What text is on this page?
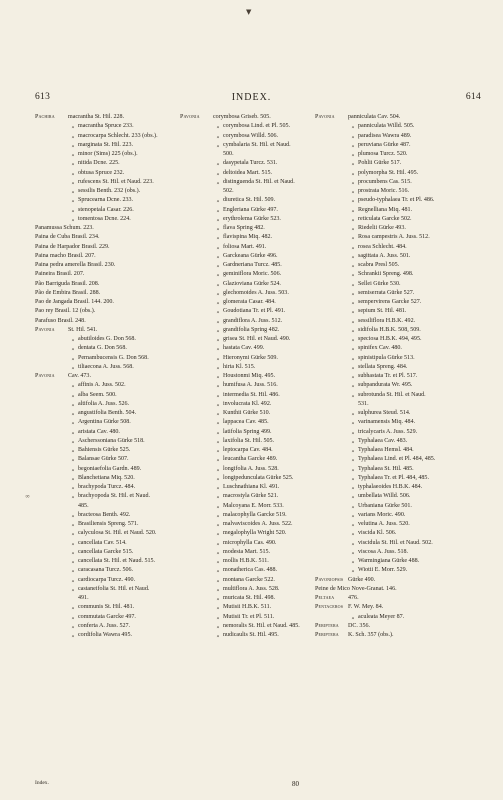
▼
613	INDEX.	614
Pachira macrantha St. Hil. 228.
„ macrantha Spruce 233.
„ macrocarpa Schlecht. 233 (obs.).
„ marginata St. Hil. 223.
„ minor (Sims) 225 (obs.).
„ nitida Dcne. 225.
„ obtusa Spruce 232.
„ rufescens St. Hil. et Naud. 223.
„ sessilis Benth. 232 (obs.).
„ Sprucearna Dcne. 233.
„ stenopetala Casar. 226.
„ tomentosa Dcne. 224.
Panamussa Schum. 223.
Paina de Cuba Brasil. 234.
Paina de Harpador Brasil. 229.
Paina macho Brasil. 207.
Paina pedra amerella Brasil. 230.
Paineira Brasil. 207.
Pão Barriguda Brasil. 208.
Pão de Embira Brasil. 288.
Pao de Jangada Brasil. 144. 200.
Pao rey Brasil. 12 (obs.).
Parafuso Brasil. 248.
Pavonia St. Hil. 541.
„ abutiloides G. Don 568.
„ dentata G. Don 568.
„ Pernambucensis G. Don 568.
„ tiliaecona A. Juss. 568.
Pavonia Cav. 473.
„ affinis A. Juss. 502.
„ alba Seem. 500.
„ altifolia A. Juss. 526.
„ angustifolia Benth. 504.
„ Argentina Gürke 508.
„ aristata Cav. 480.
„ Ascherssoniana Gürke 518.
„ Bahiensis Gürke 525.
„ Balansae Gürke 507.
„ begoniaefolia Gardn. 489.
„ Blanchetiana Miq. 520.
„ brachypoda Turcz. 484.
„ brachyopoda St. Hil. et Naud.
485.
„ bracteosa Benth. 492.
„ Brasiliensis Spreng. 571.
„ calyculosa St. Hil. et Naud. 520.
„ cancellata Cav. 514.
„ cancellata Garcke 515.
„ cancellata St. Hil. et Naud. 515.
„ caracasana Turcz. 506.
„ cardiocarpa Turcz. 490.
„ castaneifolia St. Hil. et Naud.
491.
„ communis St. Hil. 481.
„ commutata Garcke 497.
„ conferta A. Juss. 527.
„ cordifolia Wawra 495.
Pavonia corymbosa Griseb. 505.
„ corymbosa Lind. et Pl. 505.
„ corymbosa Willd. 506.
„ cymbalaria St. Hil. et Naud.
500.
„ dasypetala Turcz. 531.
„ deltoidea Mart. 515.
„ distinguenda St. Hil. et Naud.
502.
„ diuretica St. Hil. 509.
„ Engleriana Gürke 497.
„ erythrolema Gürke 523.
„ flava Spring 482.
„ flavispina Miq. 482.
„ foliosa Mart. 491.
„ Garckeana Gürke 496.
„ Gardneriana Turcz. 485.
„ geminiflora Moric. 506.
„ Glazioviana Gürke 524.
„ glechomoides A. Juss. 503.
„ glomerata Casar. 484.
„ Goudotiana Tr. et Pl. 491.
„ grandiflora A. Juss. 512.
„ grandifolia Spring 482.
„ grisea St. Hil. et Naud. 490.
„ hastata Cav. 499.
„ Hieronymi Gürke 509.
„ hirta Kl. 515.
„ Houstonmi Miq. 495.
„ humifusa A. Juss. 516.
„ intermedia St. Hil. 486.
„ involucrata Kl. 492.
„ Kunthii Gürke 510.
„ lappacea Cav. 485.
„ latifolia Spring 499.
„ laxifolia St. Hil. 505.
„ leptocarpa Cav. 484.
„ leucantha Garcke 489.
„ longifolia A. Juss. 528.
„ longipedunculata Gürke 525.
„ Luschnathiana Kl. 491.
„ macrostyla Gürke 521.
„ Malcoyana E. Morr. 533.
„ malacophylla Garcke 519.
„ malvaviscoides A. Juss. 522.
„ megalophylla Wright 520.
„ microphylla Cas. 490.
„ modesta Mart. 515.
„ mollis H.B.K. 511.
„ monatherica Cas. 488.
„ montana Garcke 522.
„ multiflora A. Juss. 528.
„ muricata St. Hil. 498.
„ Mutisii H.B.K. 511.
„ Mutisii Tr. et Pl. 511.
„ nemoralis St. Hil. et Naud. 485.
„ nudicaulis St. Hil. 495.
Pavonia panniculata Cav. 504.
„ panniculata Willd. 505.
„ paradisea Wawra 489.
„ peruviana Gürke 487.
„ plumosa Turcz. 520.
„ Pohlii Gürke 517.
„ polymorpha St. Hil. 495.
„ procumbens Cas. 515.
„ prostrata Moric. 516.
„ pseudo-typhalaea Tr. et Pl. 486.
„ Regnelliana Miq. 481.
„ reticulata Garcke 502.
„ Riedelii Gürke 493.
„ Rosa campestris A. Juss. 512.
„ rosea Schlecht. 484.
„ sagittata A. Juss. 501.
„ scabra Presl 505.
„ Schrankii Spreng. 498.
„ Sellei Gürke 530.
„ semiserrata Gürke 527.
„ sempervirens Garcke 527.
„ sepium St. Hil. 481.
„ sessiliflora H.B.K. 492.
„ sidifolia H.B.K. 508, 509.
„ speciosa H.B.K. 494, 495.
„ spinifex Cav. 480.
„ spinistipula Gürke 513.
„ stellata Spreng. 484.
„ subhastata Tr. et Pl. 517.
„ subpandurata Wr. 495.
„ subrotunda St. Hil. et Naud.
531.
„ sulphurea Steud. 514.
„ varinamensis Miq. 484.
„ tricalycaris A. Juss. 529.
„ Typhalaea Cav. 483.
„ Typhalaea Hemsl. 484.
„ Typhalaea Lind. et Pl. 484, 485.
„ Typhalaea St. Hil. 485.
„ Typhalaea Tr. et Pl. 484, 485.
„ typhalaeoides H.B.K. 484.
„ umbellata Willd. 506.
„ Urbaniana Gürke 501.
„ varians Moric. 490.
„ velutina A. Juss. 520.
„ viscida Kl. 506.
„ viscidula St. Hil. et Naud. 502.
„ viscosa A. Juss. 518.
„ Warmingiana Gürke 488.
„ Wiotii E. Morr. 529.
Pavoniopsis Gürke 490.
Peine de Mico Nove-Granat. 146.
Peltaea 476.
Pentaceros F. W. Mey. 84.
„ aculeata Meyer 87.
Periptera DC. 356.
Periptera K. Sch. 357 (obs.).
∞
Index.	80
